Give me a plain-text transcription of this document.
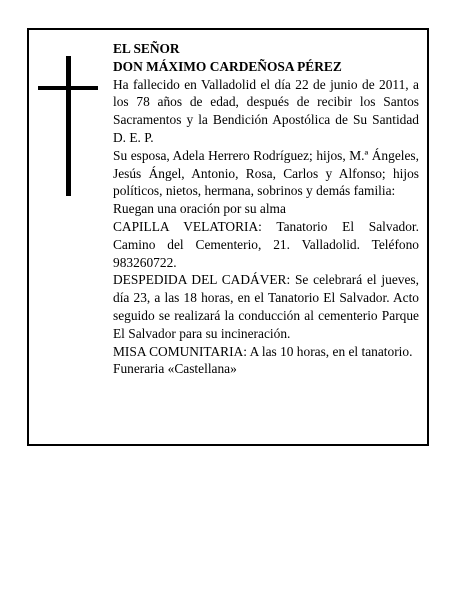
EL SEÑOR

DON MÁXIMO CARDEÑOSA PÉREZ

Ha fallecido en Valladolid el día 22 de junio de 2011, a los 78 años de edad, después de recibir los Santos Sacramentos y la Bendición Apostólica de Su Santidad D. E. P.

Su esposa, Adela Herrero Rodríguez; hijos, M.ª Ángeles, Jesús Ángel, Antonio, Rosa, Carlos y Alfonso; hijos políticos, nietos, hermana, sobrinos y demás familia:

Ruegan una oración por su alma

CAPILLA VELATORIA: Tanatorio El Salvador. Camino del Cementerio, 21. Valladolid. Teléfono 983260722.

DESPEDIDA DEL CADÁVER: Se celebrará el jueves, día 23, a las 18 horas, en el Tanatorio El Salvador. Acto seguido se realizará la conducción al cementerio Parque El Salvador para su incineración.

MISA COMUNITARIA: A las 10 horas, en el tanatorio.

Funeraria «Castellana»
